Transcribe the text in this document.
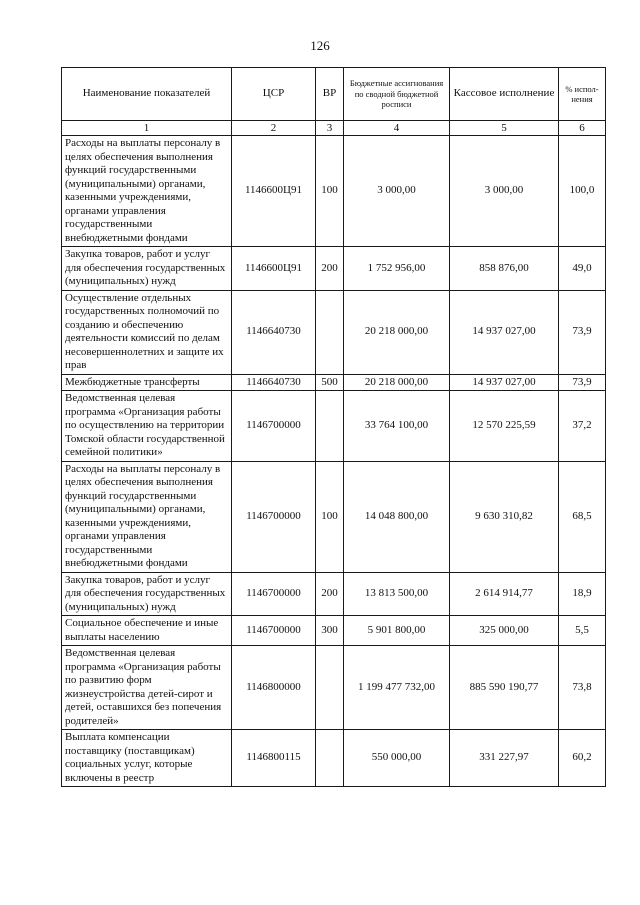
126
Наименование показателей	ЦСР	ВР	Бюджетные ассигнования по сводной бюджетной росписи	Кассовое исполнение	% испол-нения
1	2	3	4	5	6
Расходы на выплаты персоналу в целях обеспечения выполнения функций государственными (муниципальными) органами, казенными учреждениями, органами управления государственными внебюджетными фондами	1146600Ц91	100	3 000,00	3 000,00	100,0
Закупка товаров, работ и услуг для обеспечения государственных (муниципальных) нужд	1146600Ц91	200	1 752 956,00	858 876,00	49,0
Осуществление отдельных государственных полномочий по созданию и обеспечению деятельности комиссий по делам несовершеннолетних и защите их прав	1146640730		20 218 000,00	14 937 027,00	73,9
Межбюджетные трансферты	1146640730	500	20 218 000,00	14 937 027,00	73,9
Ведомственная целевая программа «Организация работы по осуществлению на территории Томской области государственной семейной политики»	1146700000		33 764 100,00	12 570 225,59	37,2
Расходы на выплаты персоналу в целях обеспечения выполнения функций государственными (муниципальными) органами, казенными учреждениями, органами управления государственными внебюджетными фондами	1146700000	100	14 048 800,00	9 630 310,82	68,5
Закупка товаров, работ и услуг для обеспечения государственных (муниципальных) нужд	1146700000	200	13 813 500,00	2 614 914,77	18,9
Социальное обеспечение и иные выплаты населению	1146700000	300	5 901 800,00	325 000,00	5,5
Ведомственная целевая программа «Организация работы по развитию форм жизнеустройства детей-сирот и детей, оставшихся без попечения родителей»	1146800000		1 199 477 732,00	885 590 190,77	73,8
Выплата компенсации поставщику (поставщикам) социальных услуг, которые включены в реестр	1146800115		550 000,00	331 227,97	60,2
